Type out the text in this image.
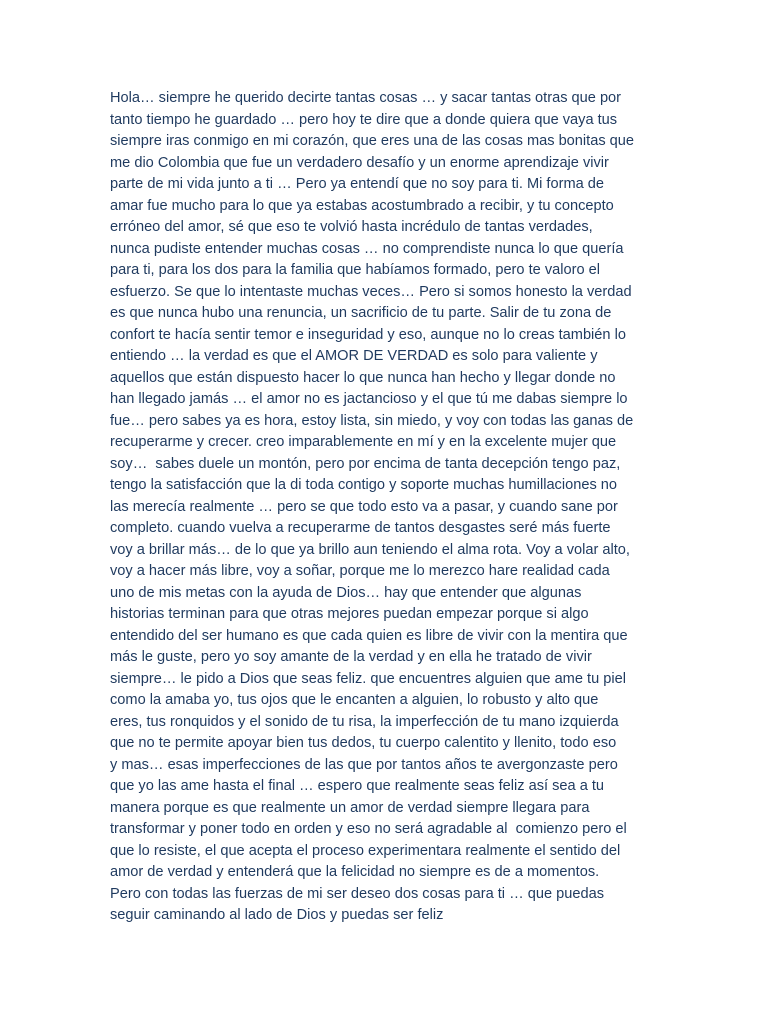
Hola… siempre he querido decirte tantas cosas … y sacar tantas otras que por
tanto tiempo he guardado … pero hoy te dire que a donde quiera que vaya tus
siempre iras conmigo en mi corazón, que eres una de las cosas mas bonitas que
me dio Colombia que fue un verdadero desafío y un enorme aprendizaje vivir
parte de mi vida junto a ti … Pero ya entendí que no soy para ti. Mi forma de
amar fue mucho para lo que ya estabas acostumbrado a recibir, y tu concepto
erróneo del amor, sé que eso te volvió hasta incrédulo de tantas verdades,
nunca pudiste entender muchas cosas … no comprendiste nunca lo que quería
para ti, para los dos para la familia que habíamos formado, pero te valoro el
esfuerzo. Se que lo intentaste muchas veces… Pero si somos honesto la verdad
es que nunca hubo una renuncia, un sacrificio de tu parte. Salir de tu zona de
confort te hacía sentir temor e inseguridad y eso, aunque no lo creas también lo
entiendo … la verdad es que el AMOR DE VERDAD es solo para valiente y
aquellos que están dispuesto hacer lo que nunca han hecho y llegar donde no
han llegado jamás … el amor no es jactancioso y el que tú me dabas siempre lo
fue… pero sabes ya es hora, estoy lista, sin miedo, y voy con todas las ganas de
recuperarme y crecer. creo imparablemente en mí y en la excelente mujer que
soy…  sabes duele un montón, pero por encima de tanta decepción tengo paz,
tengo la satisfacción que la di toda contigo y soporte muchas humillaciones no
las merecía realmente … pero se que todo esto va a pasar, y cuando sane por
completo. cuando vuelva a recuperarme de tantos desgastes seré más fuerte
voy a brillar más… de lo que ya brillo aun teniendo el alma rota. Voy a volar alto,
voy a hacer más libre, voy a soñar, porque me lo merezco hare realidad cada
uno de mis metas con la ayuda de Dios… hay que entender que algunas
historias terminan para que otras mejores puedan empezar porque si algo
entendido del ser humano es que cada quien es libre de vivir con la mentira que
más le guste, pero yo soy amante de la verdad y en ella he tratado de vivir
siempre… le pido a Dios que seas feliz. que encuentres alguien que ame tu piel
como la amaba yo, tus ojos que le encanten a alguien, lo robusto y alto que
eres, tus ronquidos y el sonido de tu risa, la imperfección de tu mano izquierda
que no te permite apoyar bien tus dedos, tu cuerpo calentito y llenito, todo eso
y mas… esas imperfecciones de las que por tantos años te avergonzaste pero
que yo las ame hasta el final … espero que realmente seas feliz así sea a tu
manera porque es que realmente un amor de verdad siempre llegara para
transformar y poner todo en orden y eso no será agradable al  comienzo pero el
que lo resiste, el que acepta el proceso experimentara realmente el sentido del
amor de verdad y entenderá que la felicidad no siempre es de a momentos.
Pero con todas las fuerzas de mi ser deseo dos cosas para ti … que puedas
seguir caminando al lado de Dios y puedas ser feliz
